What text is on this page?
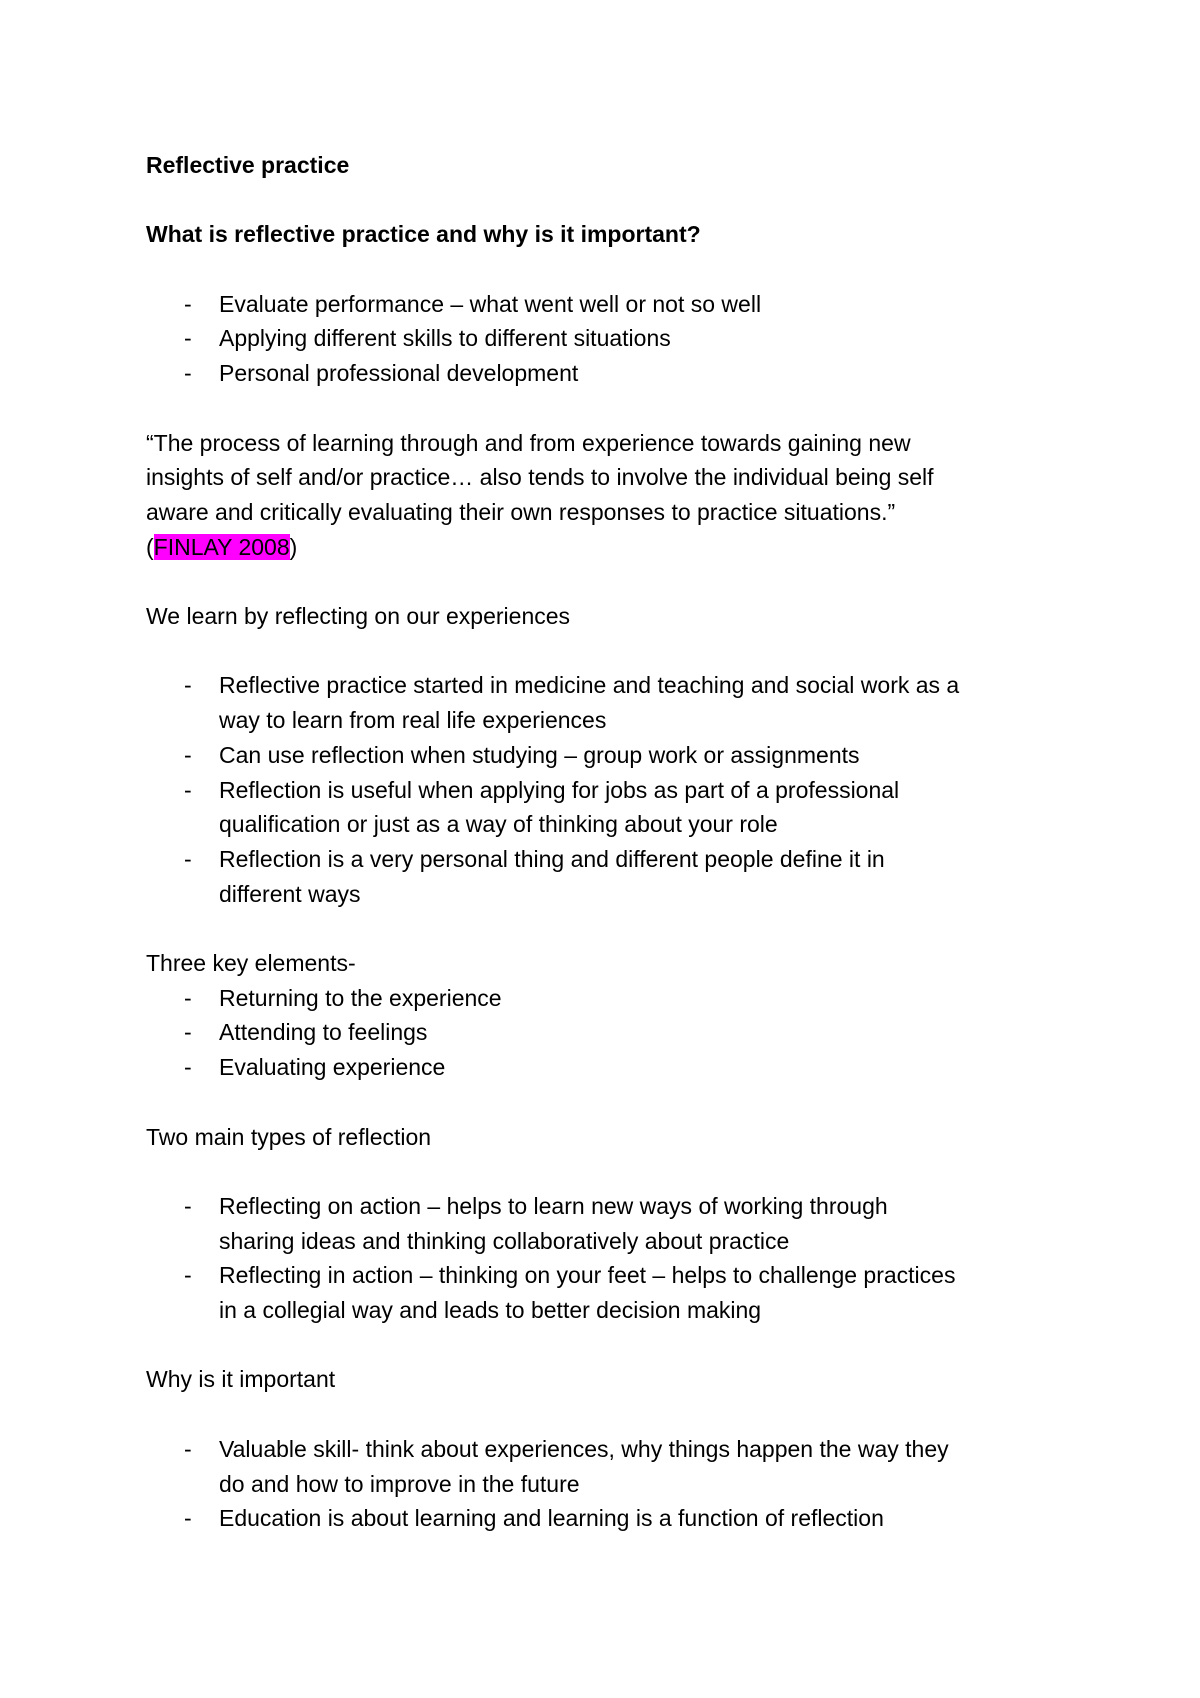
Reflective practice

What is reflective practice and why is it important?

- Evaluate performance – what went well or not so well
- Applying different skills to different situations
- Personal professional development

“The process of learning through and from experience towards gaining new

insights of self and/or practice… also tends to involve the individual being self

aware and critically evaluating their own responses to practice situations.”

(FINLAY 2008)

We learn by reflecting on our experiences

- Reflective practice started in medicine and teaching and social work as a
way to learn from real life experiences
- Can use reflection when studying – group work or assignments
- Reflection is useful when applying for jobs as part of a professional
qualification or just as a way of thinking about your role
- Reflection is a very personal thing and different people define it in
different ways

Three key elements-

- Returning to the experience
- Attending to feelings
- Evaluating experience

Two main types of reflection

- Reflecting on action – helps to learn new ways of working through
sharing ideas and thinking collaboratively about practice
- Reflecting in action – thinking on your feet – helps to challenge practices
in a collegial way and leads to better decision making

Why is it important

- Valuable skill- think about experiences, why things happen the way they
do and how to improve in the future
- Education is about learning and learning is a function of reflection
